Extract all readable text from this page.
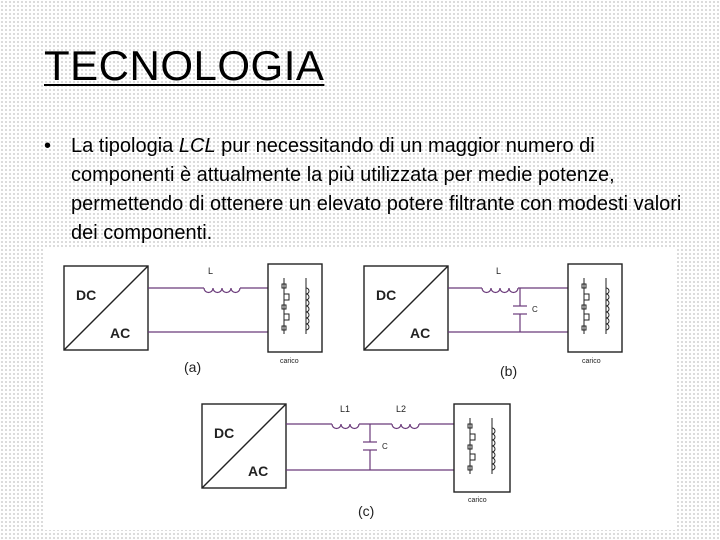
TECNOLOGIA
• La tipologia LCL pur necessitando di un maggior numero di componenti è attualmente la più utilizzata per medie potenze, permettendo di ottenere un elevato potere filtrante con modesti valori dei componenti.
DC
AC
L
carico
(a)
DC
AC
L
C
carico
(b)
DC
AC
L1	L2
C
carico
(c)
